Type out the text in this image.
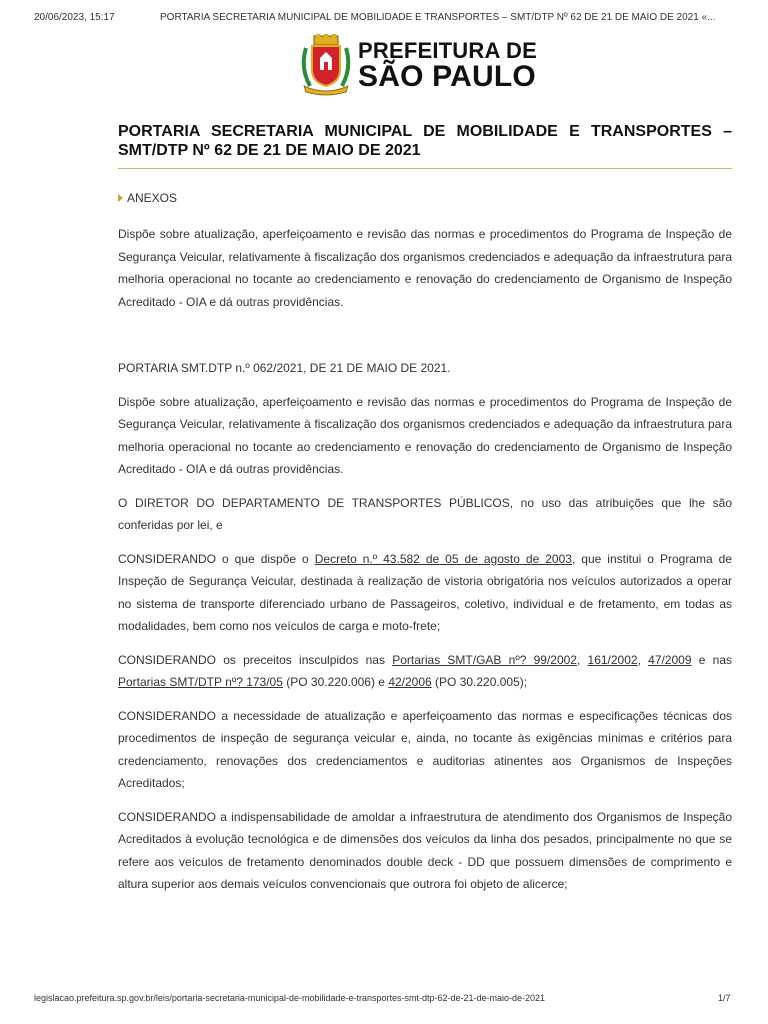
20/06/2023, 15:17	PORTARIA SECRETARIA MUNICIPAL DE MOBILIDADE E TRANSPORTES – SMT/DTP Nº 62 DE 21 DE MAIO DE 2021 «...
PREFEITURA DE
SÃO PAULO
PORTARIA SECRETARIA MUNICIPAL DE MOBILIDADE E TRANSPORTES – SMT/DTP Nº 62 DE 21 DE MAIO DE 2021
ANEXOS

Dispõe sobre atualização, aperfeiçoamento e revisão das normas e procedimentos do Programa de Inspeção de Segurança Veicular, relativamente à fiscalização dos organismos credenciados e adequação da infraestrutura para melhoria operacional no tocante ao credenciamento e renovação do credenciamento de Organismo de Inspeção Acreditado - OIA e dá outras providências.

PORTARIA SMT.DTP n.º 062/2021, DE 21 DE MAIO DE 2021.

Dispõe sobre atualização, aperfeiçoamento e revisão das normas e procedimentos do Programa de Inspeção de Segurança Veicular, relativamente à fiscalização dos organismos credenciados e adequação da infraestrutura para melhoria operacional no tocante ao credenciamento e renovação do credenciamento de Organismo de Inspeção Acreditado - OIA e dá outras providências.

O DIRETOR DO DEPARTAMENTO DE TRANSPORTES PÚBLICOS, no uso das atribuições que lhe são conferidas por lei, e

CONSIDERANDO o que dispõe o Decreto n.º 43.582 de 05 de agosto de 2003, que institui o Programa de Inspeção de Segurança Veicular, destinada à realização de vistoria obrigatória nos veículos autorizados a operar no sistema de transporte diferenciado urbano de Passageiros, coletivo, individual e de fretamento, em todas as modalidades, bem como nos veículos de carga e moto-frete;

CONSIDERANDO os preceitos insculpidos nas Portarias SMT/GAB nº? 99/2002, 161/2002, 47/2009 e nas Portarias SMT/DTP nº? 173/05 (PO 30.220.006) e 42/2006 (PO 30.220.005);

CONSIDERANDO a necessidade de atualização e aperfeiçoamento das normas e especificações técnicas dos procedimentos de inspeção de segurança veicular e, ainda, no tocante às exigências mínimas e critérios para credenciamento, renovações dos credenciamentos e auditorias atinentes aos Organismos de Inspeções Acreditados;

CONSIDERANDO a indispensabilidade de amoldar a infraestrutura de atendimento dos Organismos de Inspeção Acreditados à evolução tecnológica e de dimensões dos veículos da linha dos pesados, principalmente no que se refere aos veículos de fretamento denominados double deck - DD que possuem dimensões de comprimento e altura superior aos demais veículos convencionais que outrora foi objeto de alicerce;

legislacao.prefeitura.sp.gov.br/leis/portaria-secretaria-municipal-de-mobilidade-e-transportes-smt-dtp-62-de-21-de-maio-de-2021	1/7
